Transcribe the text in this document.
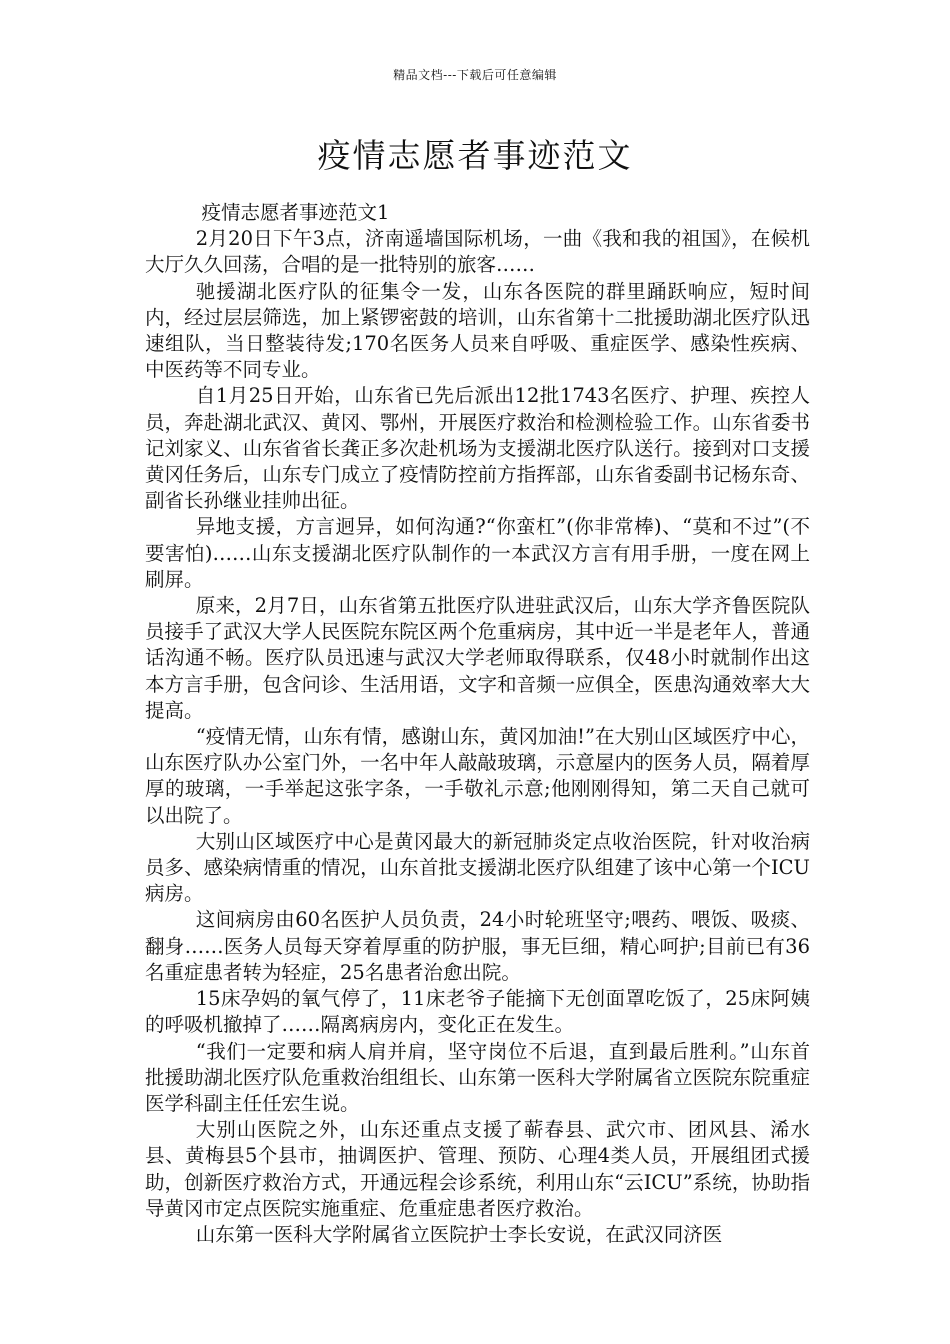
精品文档---下载后可任意编辑
疫情志愿者事迹范文

疫情志愿者事迹范文1

2月20日下午3点，济南遥墙国际机场，一曲《我和我的祖国》，在候机大厅久久回荡，合唱的是一批特别的旅客……

驰援湖北医疗队的征集令一发，山东各医院的群里踊跃响应，短时间内，经过层层筛选，加上紧锣密鼓的培训，山东省第十二批援助湖北医疗队迅速组队，当日整装待发;170名医务人员来自呼吸、重症医学、感染性疾病、中医药等不同专业。

自1月25日开始，山东省已先后派出12批1743名医疗、护理、疾控人员，奔赴湖北武汉、黄冈、鄂州，开展医疗救治和检测检验工作。山东省委书记刘家义、山东省省长龚正多次赴机场为支援湖北医疗队送行。接到对口支援黄冈任务后，山东专门成立了疫情防控前方指挥部，山东省委副书记杨东奇、副省长孙继业挂帅出征。

异地支援，方言迥异，如何沟通?“你蛮杠”(你非常棒)、“莫和不过”(不要害怕)……山东支援湖北医疗队制作的一本武汉方言有用手册，一度在网上刷屏。

原来，2月7日，山东省第五批医疗队进驻武汉后，山东大学齐鲁医院队员接手了武汉大学人民医院东院区两个危重病房，其中近一半是老年人，普通话沟通不畅。医疗队员迅速与武汉大学老师取得联系，仅48小时就制作出这本方言手册，包含问诊、生活用语，文字和音频一应俱全，医患沟通效率大大提高。

“疫情无情，山东有情，感谢山东，黄冈加油!”在大别山区域医疗中心，山东医疗队办公室门外，一名中年人敲敲玻璃，示意屋内的医务人员，隔着厚厚的玻璃，一手举起这张字条，一手敬礼示意;他刚刚得知，第二天自己就可以出院了。

大别山区域医疗中心是黄冈最大的新冠肺炎定点收治医院，针对收治病员多、感染病情重的情况，山东首批支援湖北医疗队组建了该中心第一个ICU病房。

这间病房由60名医护人员负责，24小时轮班坚守;喂药、喂饭、吸痰、翻身……医务人员每天穿着厚重的防护服，事无巨细，精心呵护;目前已有36名重症患者转为轻症，25名患者治愈出院。

15床孕妈的氧气停了，11床老爷子能摘下无创面罩吃饭了，25床阿姨的呼吸机撤掉了……隔离病房内，变化正在发生。

“我们一定要和病人肩并肩，坚守岗位不后退，直到最后胜利。”山东首批援助湖北医疗队危重救治组组长、山东第一医科大学附属省立医院东院重症医学科副主任任宏生说。

大别山医院之外，山东还重点支援了蕲春县、武穴市、团风县、浠水县、黄梅县5个县市，抽调医护、管理、预防、心理4类人员，开展组团式援助，创新医疗救治方式，开通远程会诊系统，利用山东“云ICU”系统，协助指导黄冈市定点医院实施重症、危重症患者医疗救治。

山东第一医科大学附属省立医院护士李长安说，在武汉同济医
